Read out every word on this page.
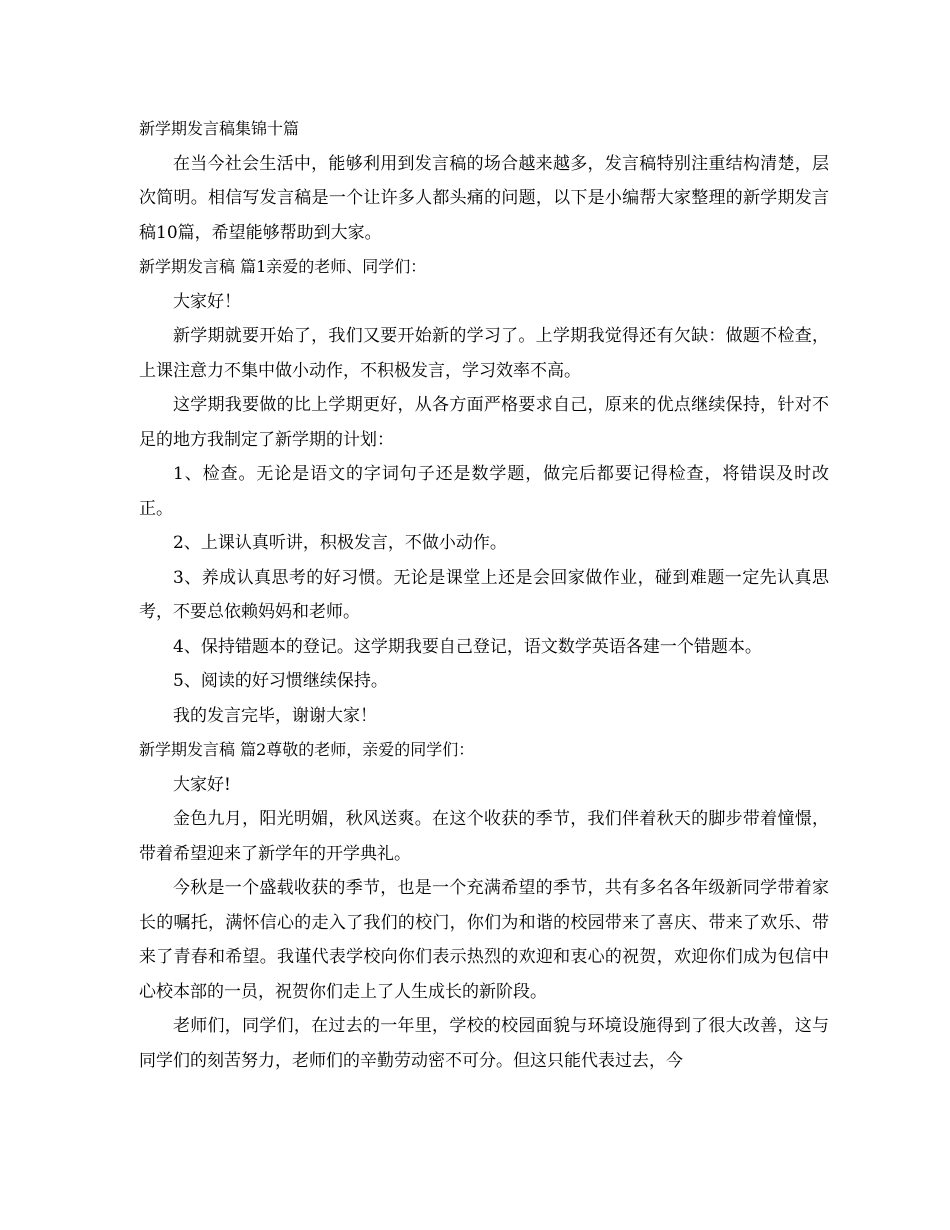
新学期发言稿集锦十篇

在当今社会生活中，能够利用到发言稿的场合越来越多，发言稿特别注重结构清楚，层次简明。相信写发言稿是一个让许多人都头痛的问题，以下是小编帮大家整理的新学期发言稿10篇，希望能够帮助到大家。

新学期发言稿 篇1亲爱的老师、同学们：

大家好！

新学期就要开始了，我们又要开始新的学习了。上学期我觉得还有欠缺：做题不检查，上课注意力不集中做小动作，不积极发言，学习效率不高。

这学期我要做的比上学期更好，从各方面严格要求自己，原来的优点继续保持，针对不足的地方我制定了新学期的计划：

1、检查。无论是语文的字词句子还是数学题，做完后都要记得检查，将错误及时改正。

2、上课认真听讲，积极发言，不做小动作。

3、养成认真思考的好习惯。无论是课堂上还是会回家做作业，碰到难题一定先认真思考，不要总依赖妈妈和老师。

4、保持错题本的登记。这学期我要自己登记，语文数学英语各建一个错题本。

5、阅读的好习惯继续保持。

我的发言完毕，谢谢大家！

新学期发言稿 篇2尊敬的老师，亲爱的同学们：

大家好!

金色九月，阳光明媚，秋风送爽。在这个收获的季节，我们伴着秋天的脚步带着憧憬，带着希望迎来了新学年的开学典礼。

今秋是一个盛载收获的季节，也是一个充满希望的季节，共有多名各年级新同学带着家长的嘱托，满怀信心的走入了我们的校门，你们为和谐的校园带来了喜庆、带来了欢乐、带来了青春和希望。我谨代表学校向你们表示热烈的欢迎和衷心的祝贺，欢迎你们成为包信中心校本部的一员，祝贺你们走上了人生成长的新阶段。

老师们，同学们，在过去的一年里，学校的校园面貌与环境设施得到了很大改善，这与同学们的刻苦努力，老师们的辛勤劳动密不可分。但这只能代表过去，今
